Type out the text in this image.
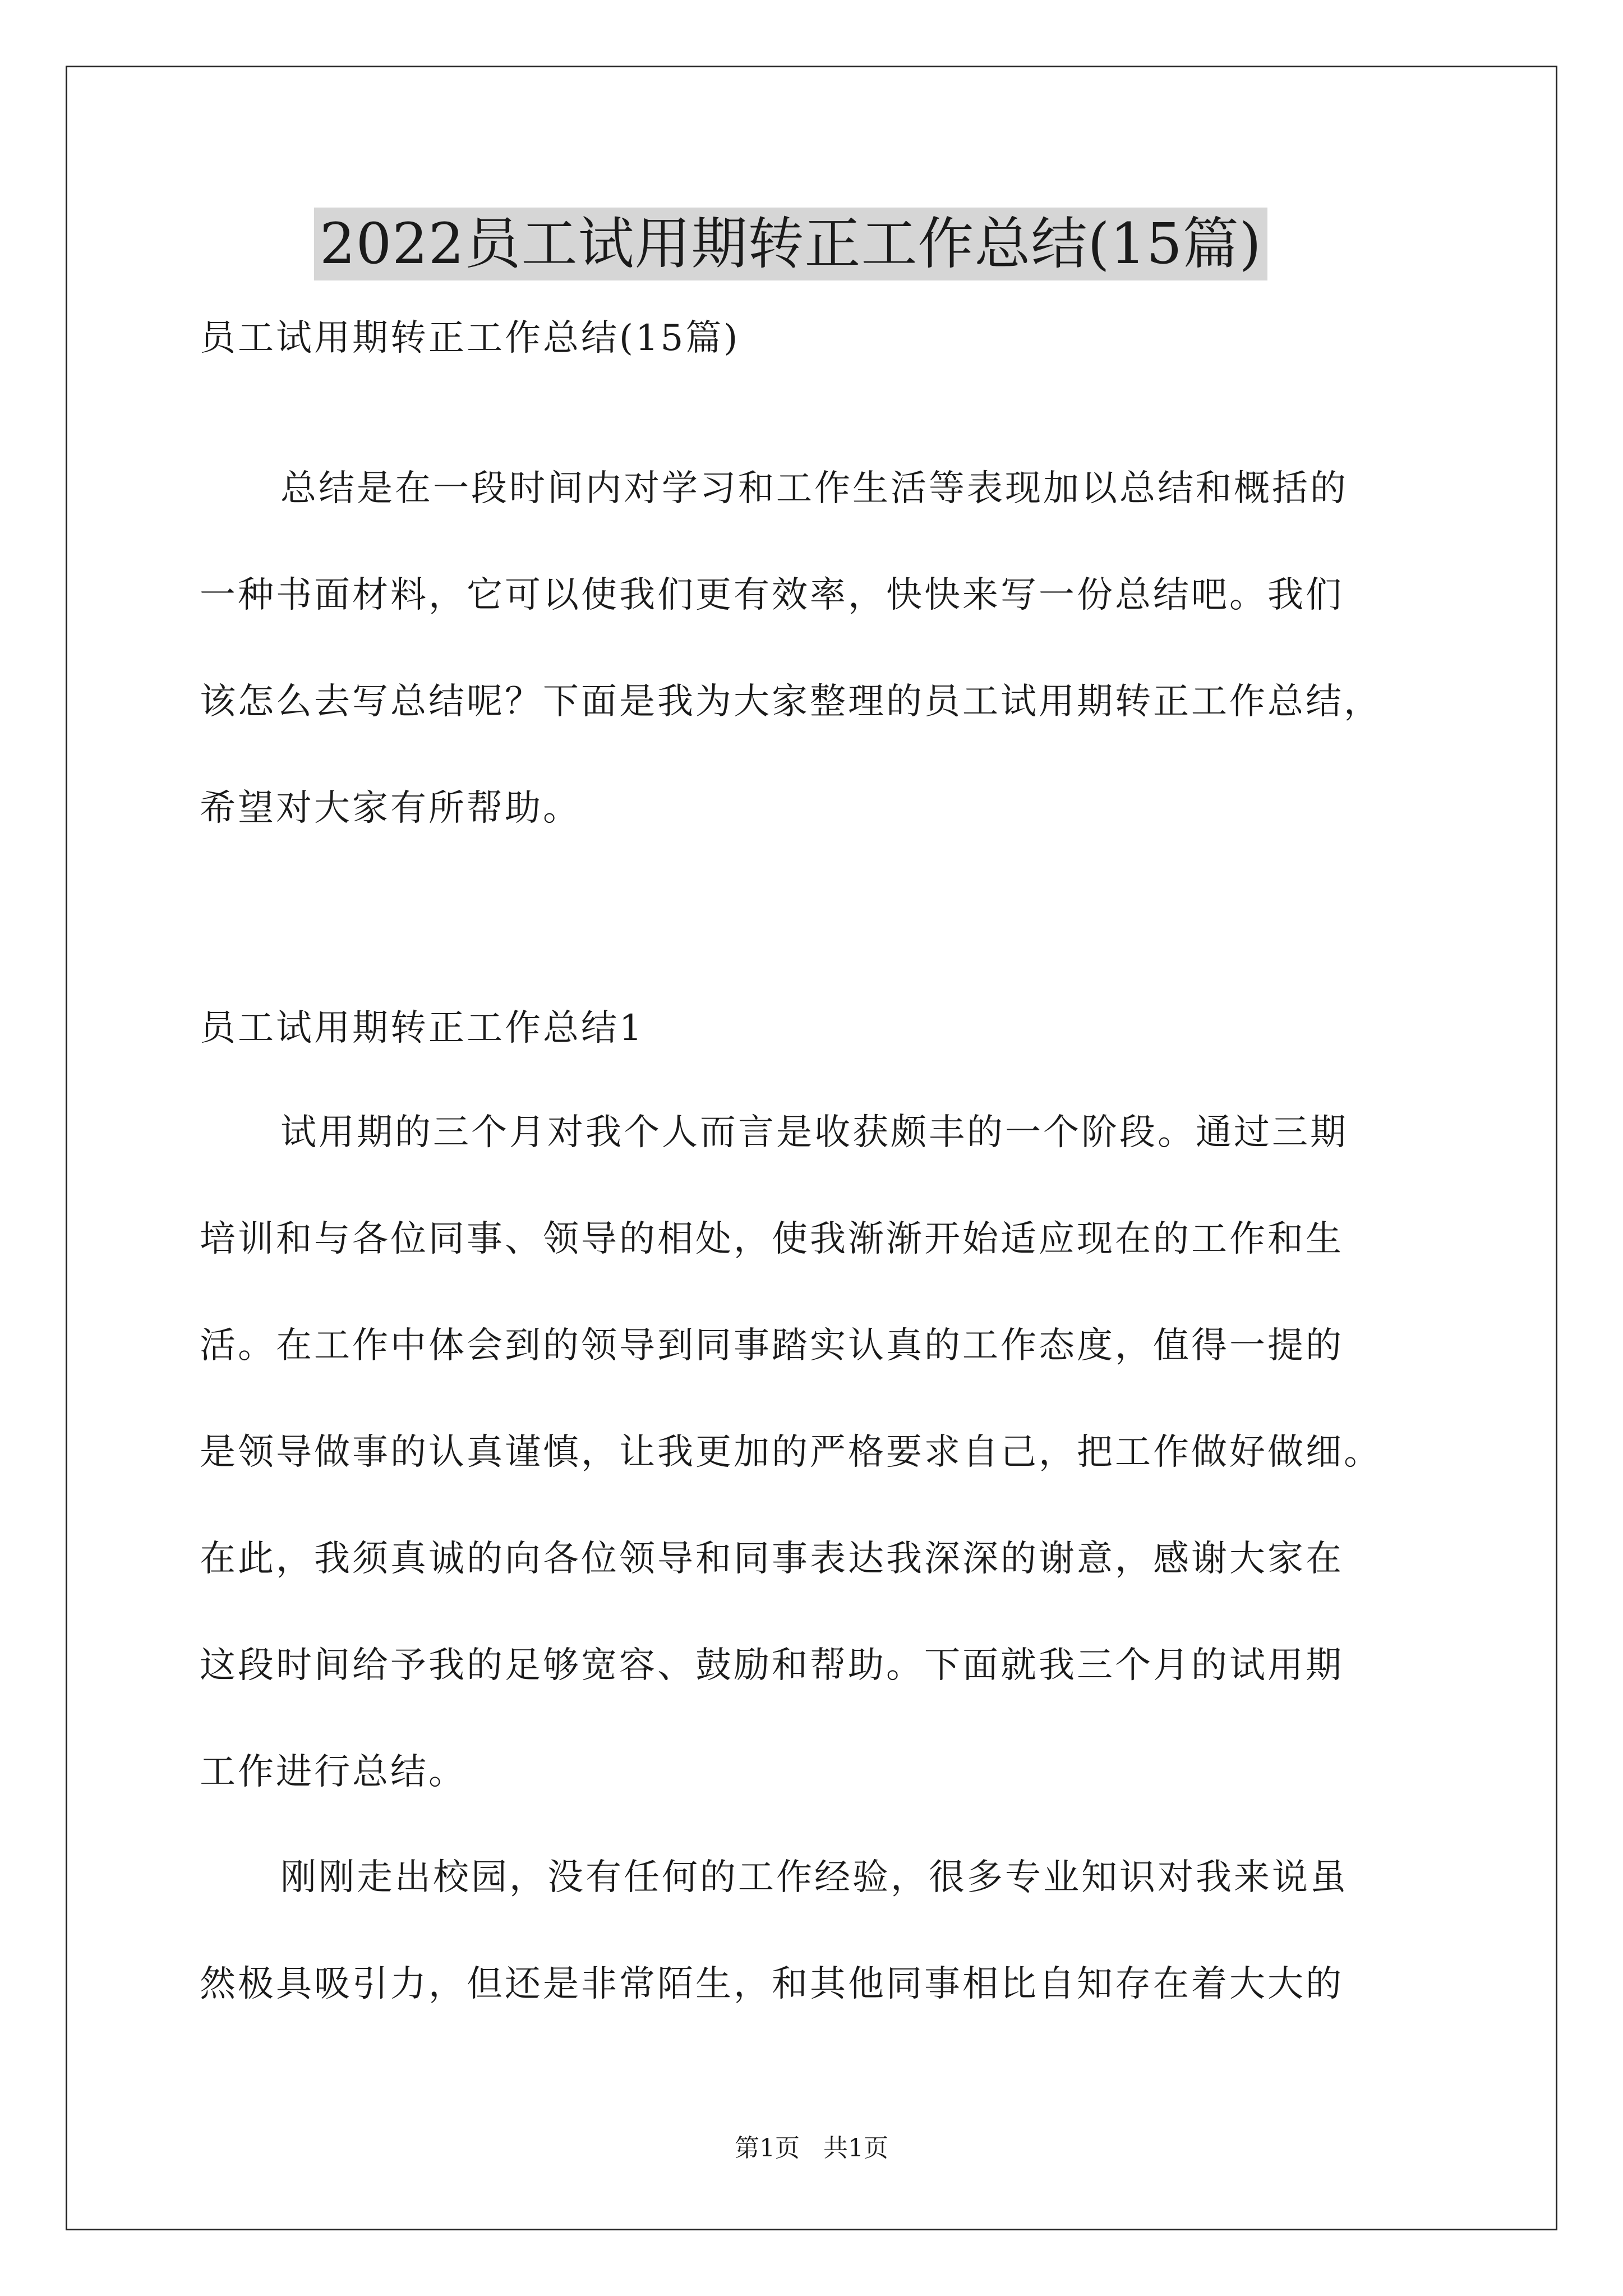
2022员工试用期转正工作总结(15篇)
员工试用期转正工作总结(15篇)
总结是在一段时间内对学习和工作生活等表现加以总结和概括的
一种书面材料，它可以使我们更有效率，快快来写一份总结吧。我们
该怎么去写总结呢？下面是我为大家整理的员工试用期转正工作总结，
希望对大家有所帮助。
员工试用期转正工作总结1
试用期的三个月对我个人而言是收获颇丰的一个阶段。通过三期
培训和与各位同事、领导的相处，使我渐渐开始适应现在的工作和生
活。在工作中体会到的领导到同事踏实认真的工作态度，值得一提的
是领导做事的认真谨慎，让我更加的严格要求自己，把工作做好做细。
在此，我须真诚的向各位领导和同事表达我深深的谢意，感谢大家在
这段时间给予我的足够宽容、鼓励和帮助。下面就我三个月的试用期
工作进行总结。
刚刚走出校园，没有任何的工作经验，很多专业知识对我来说虽
然极具吸引力，但还是非常陌生，和其他同事相比自知存在着大大的
第1页   共1页
